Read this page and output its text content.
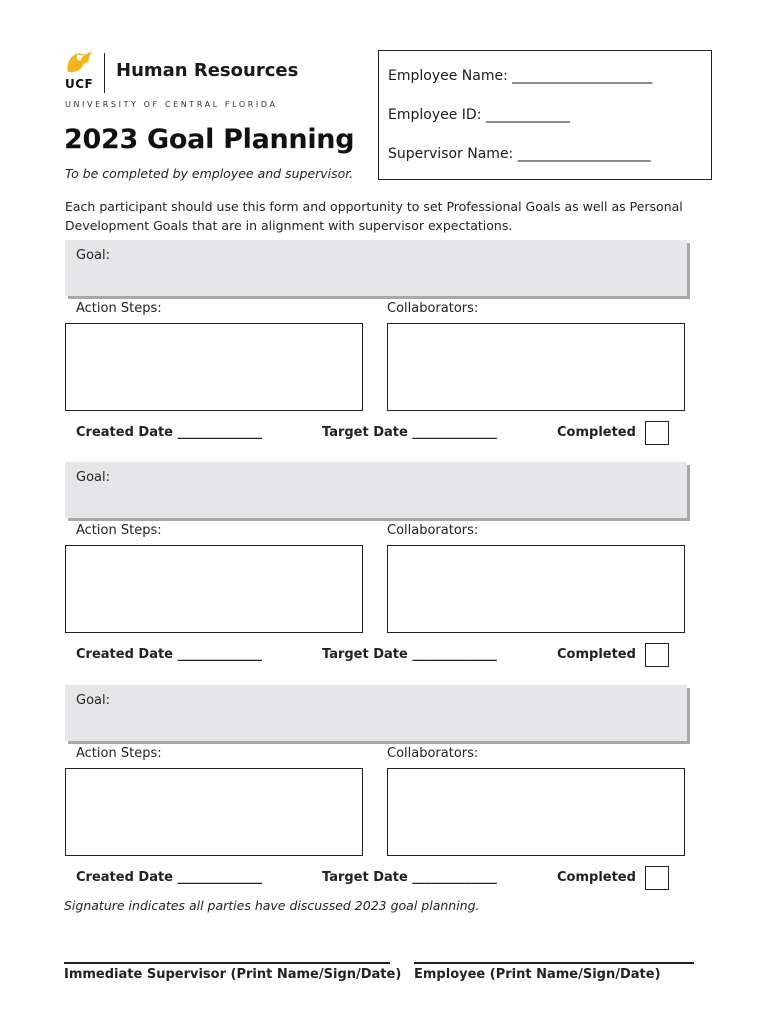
UCF
Human Resources
UNIVERSITY OF CENTRAL FLORIDA
2023 Goal Planning
To be completed by employee and supervisor.
Employee Name: ____________________
Employee ID: ____________
Supervisor Name: ___________________
Each participant should use this form and opportunity to set Professional Goals as well as Personal Development Goals that are in alignment with supervisor expectations.
Goal:
Action Steps:	Collaborators:
Created Date _____________	Target Date _____________	Completed
Goal:
Action Steps:	Collaborators:
Created Date _____________	Target Date _____________	Completed
Goal:
Action Steps:	Collaborators:
Created Date _____________	Target Date _____________	Completed
Signature indicates all parties have discussed 2023 goal planning.
Immediate Supervisor (Print Name/Sign/Date) Employee (Print Name/Sign/Date)
